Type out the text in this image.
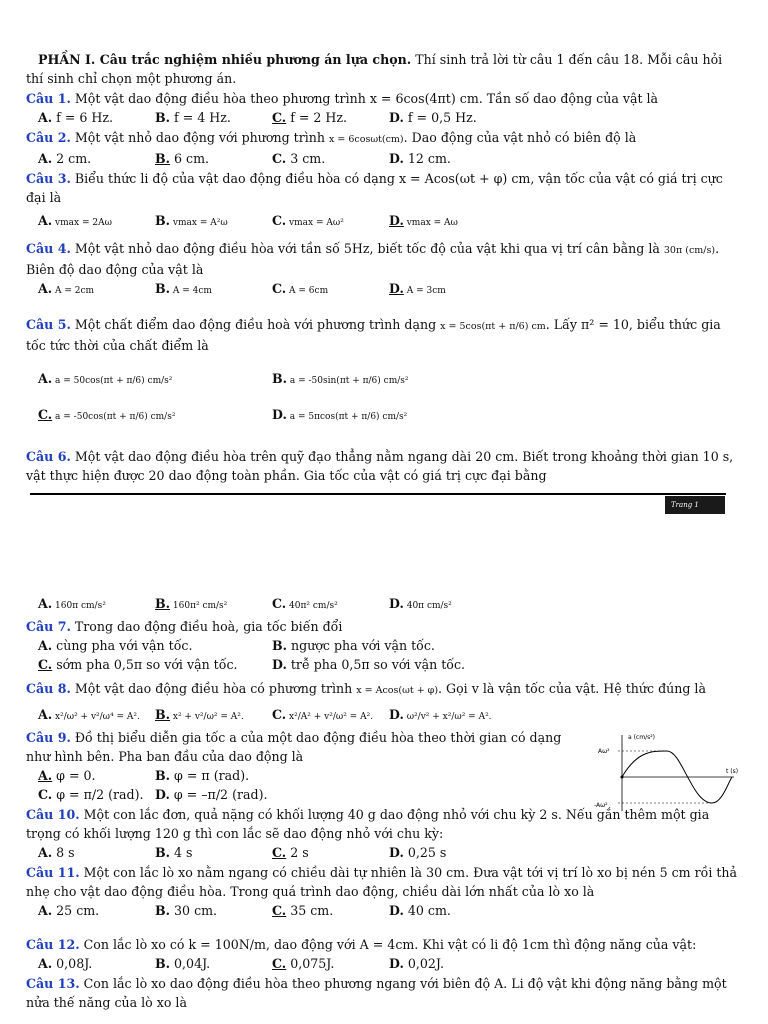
PHẦN I. Câu trắc nghiệm nhiều phương án lựa chọn. Thí sinh trả lời từ câu 1 đến câu 18. Mỗi câu hỏi thí sinh chỉ chọn một phương án.
Câu 1. Một vật dao động điều hòa theo phương trình x = 6cos(4πt) cm. Tần số dao động của vật là
A. f = 6 Hz.	B. f = 4 Hz.	C. f = 2 Hz.	D. f = 0,5 Hz.
Câu 2. Một vật nhỏ dao động với phương trình x = 6cosωt(cm). Dao động của vật nhỏ có biên độ là
A. 2 cm.	B. 6 cm.	C. 3 cm.	D. 12 cm.
Câu 3. Biểu thức li độ của vật dao động điều hòa có dạng x = Acos(ωt + φ) cm, vận tốc của vật có giá trị cực đại là
A. vmax = 2Aω	B. vmax = A²ω	C. vmax = Aω²	D. vmax = Aω
Câu 4. Một vật nhỏ dao động điều hòa với tần số 5Hz, biết tốc độ của vật khi qua vị trí cân bằng là 30π (cm/s). Biên độ dao động của vật là
A. A = 2cm	B. A = 4cm	C. A = 6cm	D. A = 3cm
Câu 5. Một chất điểm dao động điều hoà với phương trình dạng x = 5cos(πt + π/6) cm. Lấy π² = 10, biểu thức gia tốc tức thời của chất điểm là
A. a = 50cos(πt + π/6) cm/s²	B. a = -50sin(πt + π/6) cm/s²
C. a = -50cos(πt + π/6) cm/s²	D. a = 5πcos(πt + π/6) cm/s²
Câu 6. Một vật dao động điều hòa trên quỹ đạo thẳng nằm ngang dài 20 cm. Biết trong khoảng thời gian 10 s, vật thực hiện được 20 dao động toàn phần. Gia tốc của vật có giá trị cực đại bằng
Trang 1
A. 160π cm/s²	B. 160π² cm/s²	C. 40π² cm/s²	D. 40π cm/s²
Câu 7. Trong dao động điều hoà, gia tốc biến đổi
A. cùng pha với vận tốc.	B. ngược pha với vận tốc.
C. sớm pha 0,5π so với vận tốc.	D. trễ pha 0,5π so với vận tốc.
Câu 8. Một vật dao động điều hòa có phương trình x = Acos(ωt + φ). Gọi v là vận tốc của vật. Hệ thức đúng là
A. x²/ω² + v²/ω⁴ = A².	B. x² + v²/ω² = A².	C. x²/A² + v²/ω² = A².	D. ω²/v² + x²/ω² = A².
Câu 9. Đồ thị biểu diễn gia tốc a của một dao động điều hòa theo thời gian có dạng như hình bên. Pha ban đầu của dao động là
A. φ = 0.	B. φ = π (rad).
C. φ = π/2 (rad). D. φ = –π/2 (rad).
Câu 10. Một con lắc đơn, quả nặng có khối lượng 40 g dao động nhỏ với chu kỳ 2 s. Nếu gắn thêm một gia trọng có khối lượng 120 g thì con lắc sẽ dao động nhỏ với chu kỳ:
A. 8 s	B. 4 s	C. 2 s	D. 0,25 s
Câu 11. Một con lắc lò xo nằm ngang có chiều dài tự nhiên là 30 cm. Đưa vật tới vị trí lò xo bị nén 5 cm rồi thả nhẹ cho vật dao động điều hòa. Trong quá trình dao động, chiều dài lớn nhất của lò xo là
A. 25 cm.	B. 30 cm.	C. 35 cm.	D. 40 cm.
Câu 12. Con lắc lò xo có k = 100N/m, dao động với A = 4cm. Khi vật có li độ 1cm thì động năng của vật:
A. 0,08J.	B. 0,04J.	C. 0,075J.	D. 0,02J.
Câu 13. Con lắc lò xo dao động điều hòa theo phương ngang với biên độ A. Li độ vật khi động năng bằng một nửa thế năng của lò xo là
a (cm/s²)
Aω²
-Aω²
t (s)
